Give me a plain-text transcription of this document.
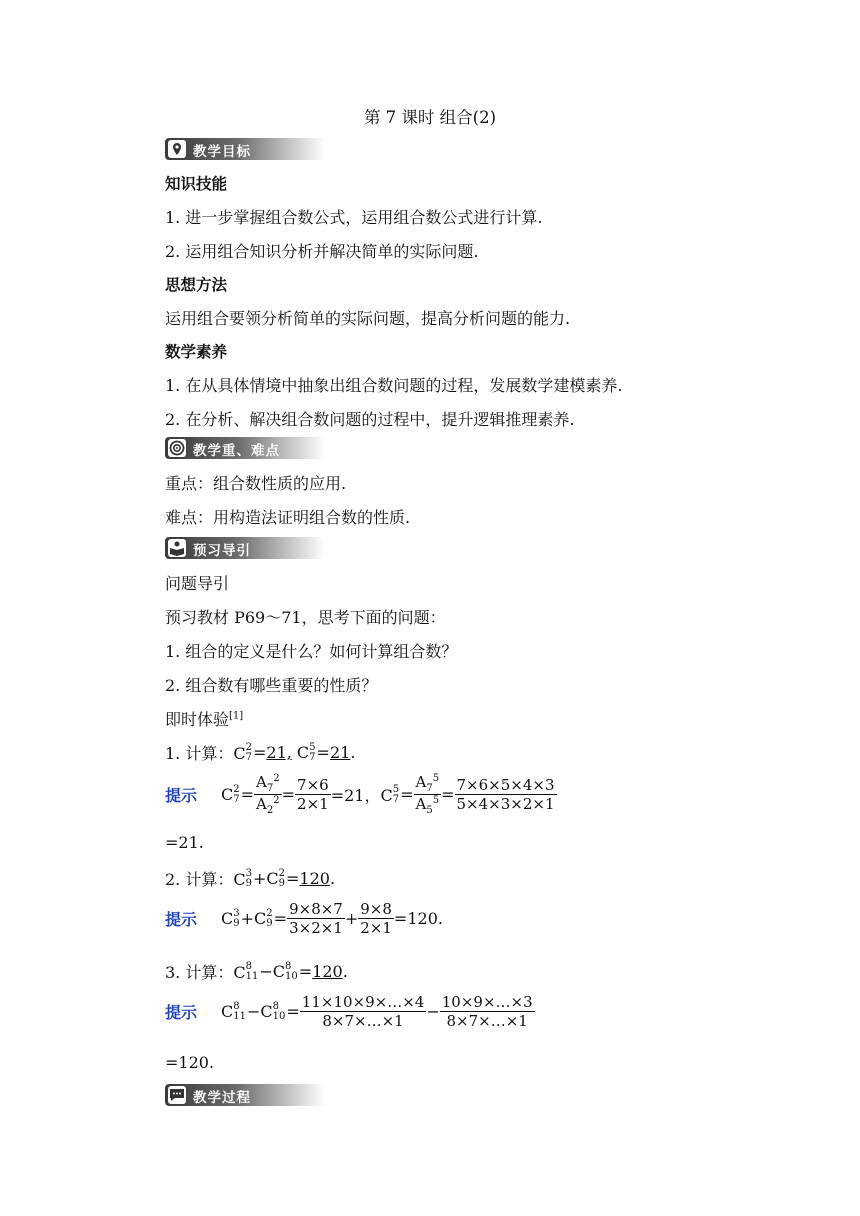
第 7 课时 组合(2)
教学目标
知识技能
1. 进一步掌握组合数公式，运用组合数公式进行计算.
2. 运用组合知识分析并解决简单的实际问题.
思想方法
运用组合要领分析简单的实际问题，提高分析问题的能力.
数学素养
1. 在从具体情境中抽象出组合数问题的过程，发展数学建模素养.
2. 在分析、解决组合数问题的过程中，提升逻辑推理素养.
教学重、难点
重点：组合数性质的应用.
难点：用构造法证明组合数的性质.
预习导引
问题导引
预习教材 P69～71，思考下面的问题：
1. 组合的定义是什么？如何计算组合数？
2. 组合数有哪些重要的性质？
即时体验[1]
1. 计算：C 2
7 = 21, C 5
7 = 21 .
提示 C 2
7 =
$A_7^2$
$A_2^2 = \frac{7\times 6}{2\times 1} =21$，C 5
7 =
$A_7^5$
$A_5^5 = 7\times 6\times 5\times 4\times 3$
5×4×3×2×1
=21.
2. 计算：C 3
9 +C 2
9 = 120 .
提示 C 3
9 +C 2
9 = 9×8×7
$3\times 2\times 1 + \frac{9\times 8}{2\times 1} =120$.
3. 计算：C 8
11 −C 8
10 = 120 .
提示 C 8
11 −C 8
10 = 11×10×9×…×4
8×7×…×1	− 10×9×…×3
8×7×…×1
=120.
教学过程
